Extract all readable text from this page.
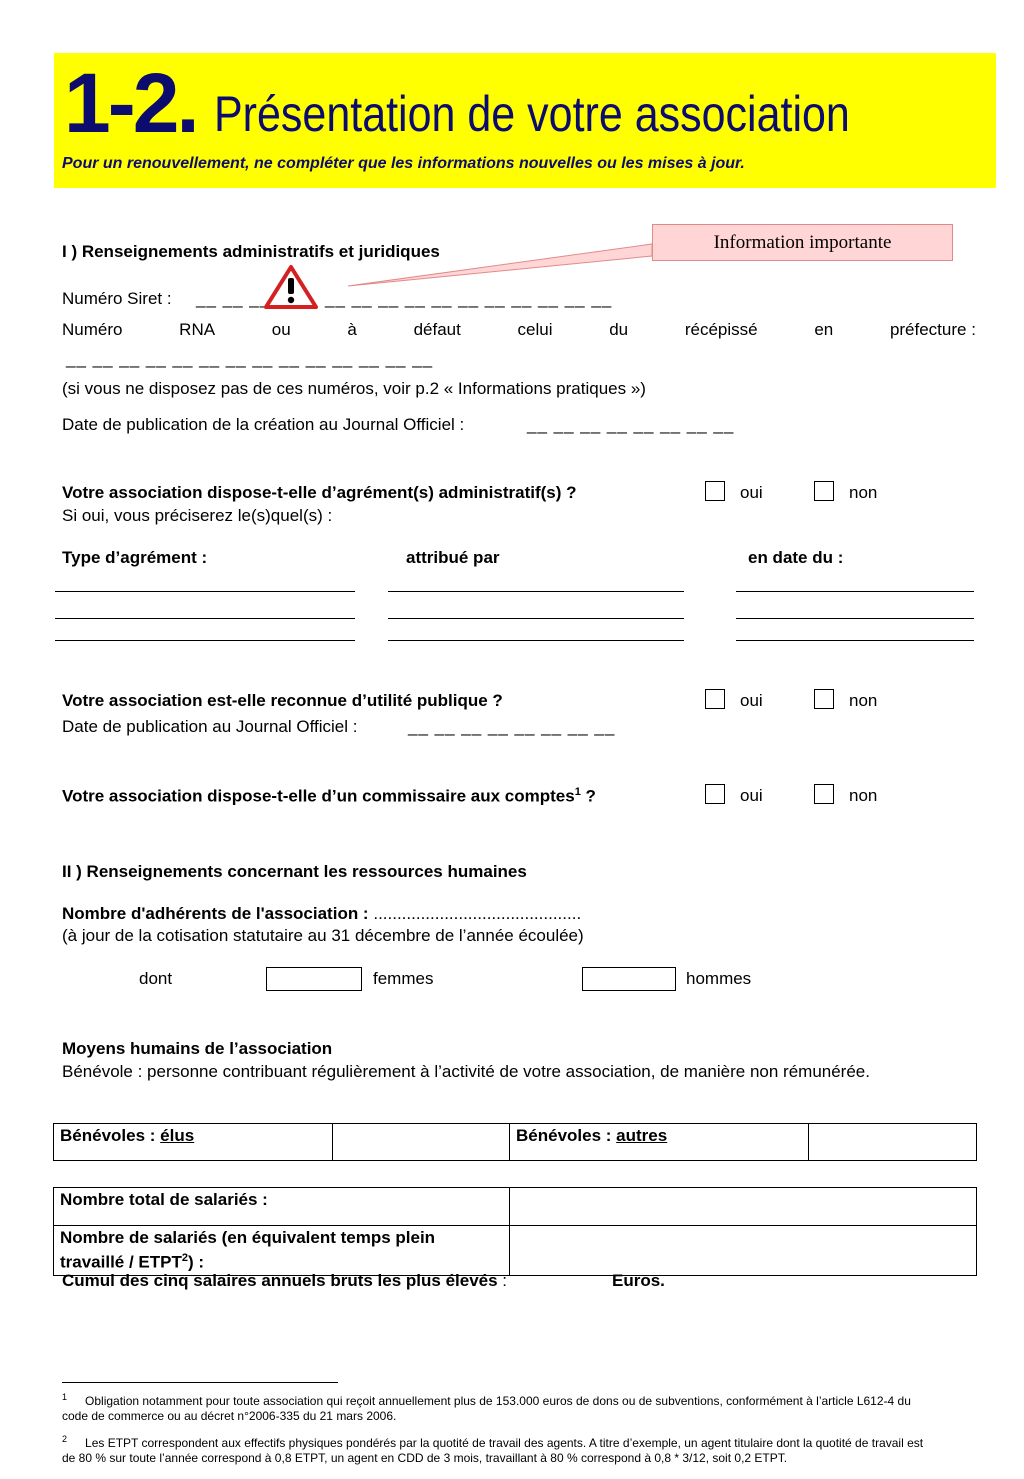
1-2. Présentation de votre association
Pour un renouvellement, ne compléter que les informations nouvelles ou les mises à jour.
Information importante
I ) Renseignements administratifs et juridiques
Numéro Siret : __ __ __	__ __ __ __ __ __ __ __ __ __ __
Numéro	RNA	ou	à	défaut	celui	du	récépissé	en	préfecture :
__ __ __ __ __ __ __ __ __ __ __ __ __ __
(si vous ne disposez pas de ces numéros, voir p.2 « Informations pratiques »)
Date de publication de la création au Journal Officiel :	__ __ __ __ __ __ __ __
Votre association dispose-t-elle d’agrément(s) administratif(s) ?	oui	non
Si oui, vous préciserez le(s)quel(s) :
Type d’agrément :	attribué par	en date du :
Votre association est-elle reconnue d’utilité publique ?	oui	non
Date de publication au Journal Officiel :	__ __ __ __ __ __ __ __
Votre association dispose-t-elle d’un commissaire aux comptes$^1$ ?	oui	non
II ) Renseignements concernant les ressources humaines
Nombre d'adhérents de l'association : ............................................
(à jour de la cotisation statutaire au 31 décembre de l’année écoulée)
dont	femmes	hommes
Moyens humains de l’association
Bénévole : personne contribuant régulièrement à l’activité de votre association, de manière non rémunérée.
Bénévoles : élus		Bénévoles : autres	
Nombre total de salariés :	
Nombre de salariés (en équivalent temps plein travaillé / ETPT$^2$) :	
Cumul des cinq salaires annuels bruts les plus élevés :	Euros.
$^1$ Obligation notamment pour toute association qui reçoit annuellement plus de 153.000 euros de dons ou de subventions, conformément à l’article L612-4 du code de commerce ou au décret n°2006-335 du 21 mars 2006.
$^2$ Les ETPT correspondent aux effectifs physiques pondérés par la quotité de travail des agents. A titre d’exemple, un agent titulaire dont la quotité de travail est de 80 % sur toute l’année correspond à 0,8 ETPT, un agent en CDD de 3 mois, travaillant à 80 % correspond à 0,8 * 3/12, soit 0,2 ETPT.
